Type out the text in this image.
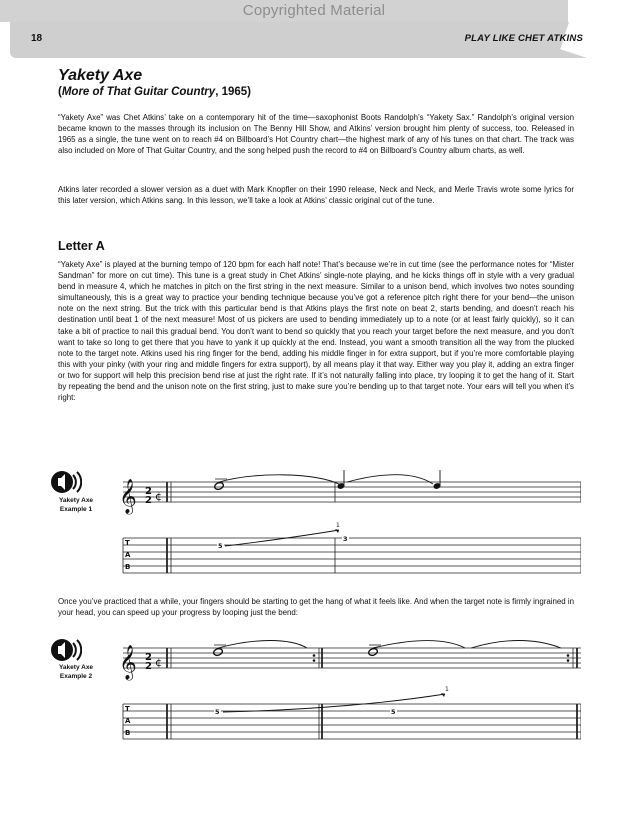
Copyrighted Material
18	PLAY LIKE CHET ATKINS
Yakety Axe
(More of That Guitar Country, 1965)
“Yakety Axe” was Chet Atkins’ take on a contemporary hit of the time—saxophonist Boots Randolph’s “Yakety Sax.” Randolph’s original version became known to the masses through its inclusion on The Benny Hill Show, and Atkins’ version brought him plenty of success, too. Released in 1965 as a single, the tune went on to reach #4 on Billboard’s Hot Country chart—the highest mark of any of his tunes on that chart. The track was also included on More of That Guitar Country, and the song helped push the record to #4 on Billboard’s Country album charts, as well.
Atkins later recorded a slower version as a duet with Mark Knopfler on their 1990 release, Neck and Neck, and Merle Travis wrote some lyrics for this later version, which Atkins sang. In this lesson, we’ll take a look at Atkins’ classic original cut of the tune.
Letter A
“Yakety Axe” is played at the burning tempo of 120 bpm for each half note! That’s because we’re in cut time (see the performance notes for “Mister Sandman” for more on cut time). This tune is a great study in Chet Atkins’ single-note playing, and he kicks things off in style with a very gradual bend in measure 4, which he matches in pitch on the first string in the next measure. Similar to a unison bend, which involves two notes sounding simultaneously, this is a great way to practice your bending technique because you’ve got a reference pitch right there for your bend—the unison note on the next string. But the trick with this particular bend is that Atkins plays the first note on beat 2, starts bending, and doesn’t reach his destination until beat 1 of the next measure! Most of us pickers are used to bending immediately up to a note (or at least fairly quickly), so it can take a bit of practice to nail this gradual bend. You don’t want to bend so quickly that you reach your target before the next measure, and you don’t want to take so long to get there that you have to yank it up quickly at the end. Instead, you want a smooth transition all the way from the plucked note to the target note. Atkins used his ring finger for the bend, adding his middle finger in for extra support, but if you’re more comfortable playing this with your pinky (with your ring and middle fingers for extra support), by all means play it that way. Either way you play it, adding an extra finger or two for support will help this precision bend rise at just the right rate. If it’s not naturally falling into place, try looping it to get the hang of it. Start by repeating the bend and the unison note on the first string, just to make sure you’re bending up to that target note. Your ears will tell you when it’s right:
Yakety Axe
Example 1 𝄞 2
2 ¢
T
A
B
1
5
3
Once you’ve practiced that a while, your fingers should be starting to get the hang of what it feels like. And when the target note is firmly ingrained in your head, you can speed up your progress by looping just the bend:
Yakety Axe
Example 2 𝄞 2
2 ¢
T
A
B
1
5	5
